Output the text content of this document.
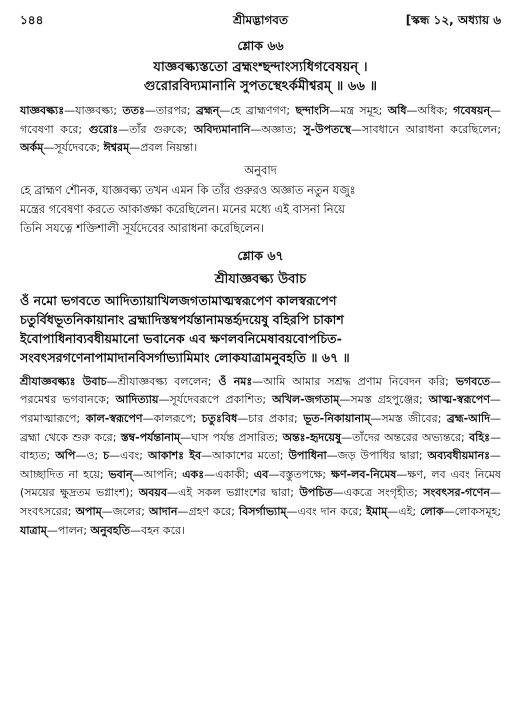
১৪৪	শ্রীমদ্ভাগবত	[স্কন্ধ ১২, অধ্যায় ৬
শ্লোক ৬৬
যাজ্ঞবল্ক্যস্ততো ব্রহ্মংশ্ছন্দাংস্যধিগবেষয়ন্ ।
গুরোরবিদ্যমানানি সুপতস্থেঽর্কমীশ্বরম্ ॥ ৬৬ ॥
যাজ্ঞবল্ক্যঃ—যাজ্ঞবল্ক্য; ততঃ—তারপর; ব্রহ্মন্—হে ব্রাহ্মণগণ; ছন্দাংসি—মন্ত্র সমূহ; অধি—অধিক; গবেষয়ন্—গবেষণা করে; গুরোঃ—তাঁর গুরুকে; অবিদ্যমানানি—অজ্ঞাত; সু-উপতস্থে—সাবধানে আরাধনা করেছিলেন; অর্কম্—সূর্যদেবকে; ঈশ্বরম্—প্রবল নিয়ন্তা।
অনুবাদ
হে ব্রাহ্মণ শৌনক, যাজ্ঞবল্ক্য তখন এমন কি তাঁর গুরুরও অজ্ঞাত নতুন যজুঃ
মন্ত্রের গবেষণা করতে আকাঙ্ক্ষা করেছিলেন। মনের মধ্যে এই বাসনা নিয়ে
তিনি সযত্নে শক্তিশালী সূর্যদেবের আরাধনা করেছিলেন।
শ্লোক ৬৭
শ্রীযাজ্ঞবল্ক্য উবাচ
ওঁ নমো ভগবতে আদিত্যায়াখিলজগতামাত্মস্বরূপেণ কালস্বরূপেণ
চতুর্বিধভূতনিকায়ানাং ব্রহ্মাদিস্তম্বপর্যন্তানামন্তর্হৃদয়েষু বহিরপি চাকাশ
ইবোপাধিনাব্যবধীয়মানো ভবানেক এব ক্ষণলবনিমেষাবয়বোপচিত-
সংবৎসরগণেনাপামাদানবিসর্গাভ্যামিমাং লোকযাত্রামনুবহতি ॥ ৬৭ ॥
শ্রীযাজ্ঞবল্ক্যঃ উবাচ—শ্রীযাজ্ঞবল্ক্য বললেন; ওঁ নমঃ—আমি আমার সশ্রদ্ধ প্রণাম নিবেদন করি; ভগবতে—পরমেশ্বর ভগবানকে; আদিত্যায়—সূর্যদেবরূপে প্রকাশিত; অখিল-জগতাম্—সমস্ত গ্রহপুঞ্জের; আত্ম-স্বরূপেণ—পরমাত্মারূপে; কাল-স্বরূপেণ—কালরূপে; চতুঃবিধ—চার প্রকার; ভূত-নিকায়ানাম্—সমস্ত জীবের; ব্রহ্ম-আদি—ব্রহ্মা থেকে শুরু করে; স্তম্ব-পর্যন্তানাম্—ঘাস পর্যন্ত প্রসারিত; অন্তঃ-হৃদয়েষু—তাঁদের অন্তরের অভ্যন্তরে; বহিঃ—বাহ্যত; অপি—ও; চ—এবং; আকাশঃ ইব—আকাশের মতো; উপাধিনা—জড় উপাধির দ্বারা; অব্যবধীয়মানঃ—আচ্ছাদিত না হয়ে; ভবান্—আপনি; একঃ—একাকী; এব—বস্তুতপক্ষে; ক্ষণ-লব-নিমেষ—ক্ষণ, লব এবং নিমেষ (সময়ের ক্ষুদ্রতম ভগ্নাংশ); অবয়ব—এই সকল ভগ্নাংশের দ্বারা; উপচিত—একত্রে সংগৃহীত; সংবৎসর-গণেন—সংবৎসরের; অপাম্—জলের; আদান—গ্রহণ করে; বিসর্গাভ্যাম্—এবং দান করে; ইমাম্—এই; লোক—লোকসমূহ; যাত্রাম্—পালন; অনুবহতি—বহন করে।
